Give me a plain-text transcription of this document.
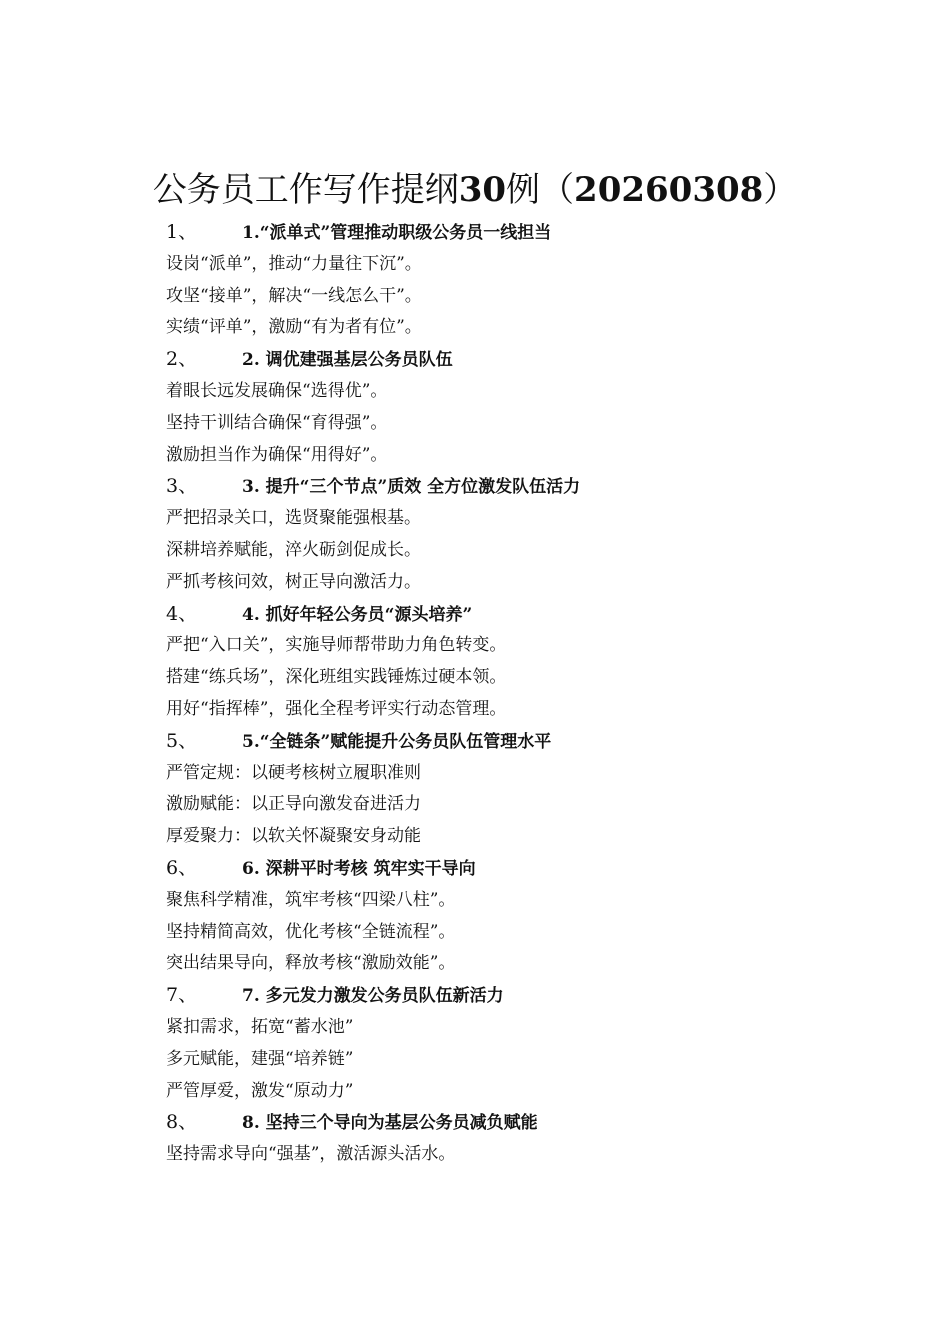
公务员工作写作提纲30例（20260308）
1、	1.“派单式”管理推动职级公务员一线担当
设岗“派单”，推动“力量往下沉”。
攻坚“接单”，解决“一线怎么干”。
实绩“评单”，激励“有为者有位”。
2、	2. 调优建强基层公务员队伍
着眼长远发展确保“选得优”。
坚持干训结合确保“育得强”。
激励担当作为确保“用得好”。
3、	3. 提升“三个节点”质效 全方位激发队伍活力
严把招录关口，选贤聚能强根基。
深耕培养赋能，淬火砺剑促成长。
严抓考核问效，树正导向激活力。
4、	4. 抓好年轻公务员“源头培养”
严把“入口关”，实施导师帮带助力角色转变。
搭建“练兵场”，深化班组实践锤炼过硬本领。
用好“指挥棒”，强化全程考评实行动态管理。
5、	5.“全链条”赋能提升公务员队伍管理水平
严管定规：以硬考核树立履职准则
激励赋能：以正导向激发奋进活力
厚爱聚力：以软关怀凝聚安身动能
6、	6. 深耕平时考核 筑牢实干导向
聚焦科学精准，筑牢考核“四梁八柱”。
坚持精简高效，优化考核“全链流程”。
突出结果导向，释放考核“激励效能”。
7、	7. 多元发力激发公务员队伍新活力
紧扣需求，拓宽“蓄水池”
多元赋能，建强“培养链”
严管厚爱，激发“原动力”
8、	8. 坚持三个导向为基层公务员减负赋能
坚持需求导向“强基”，激活源头活水。
